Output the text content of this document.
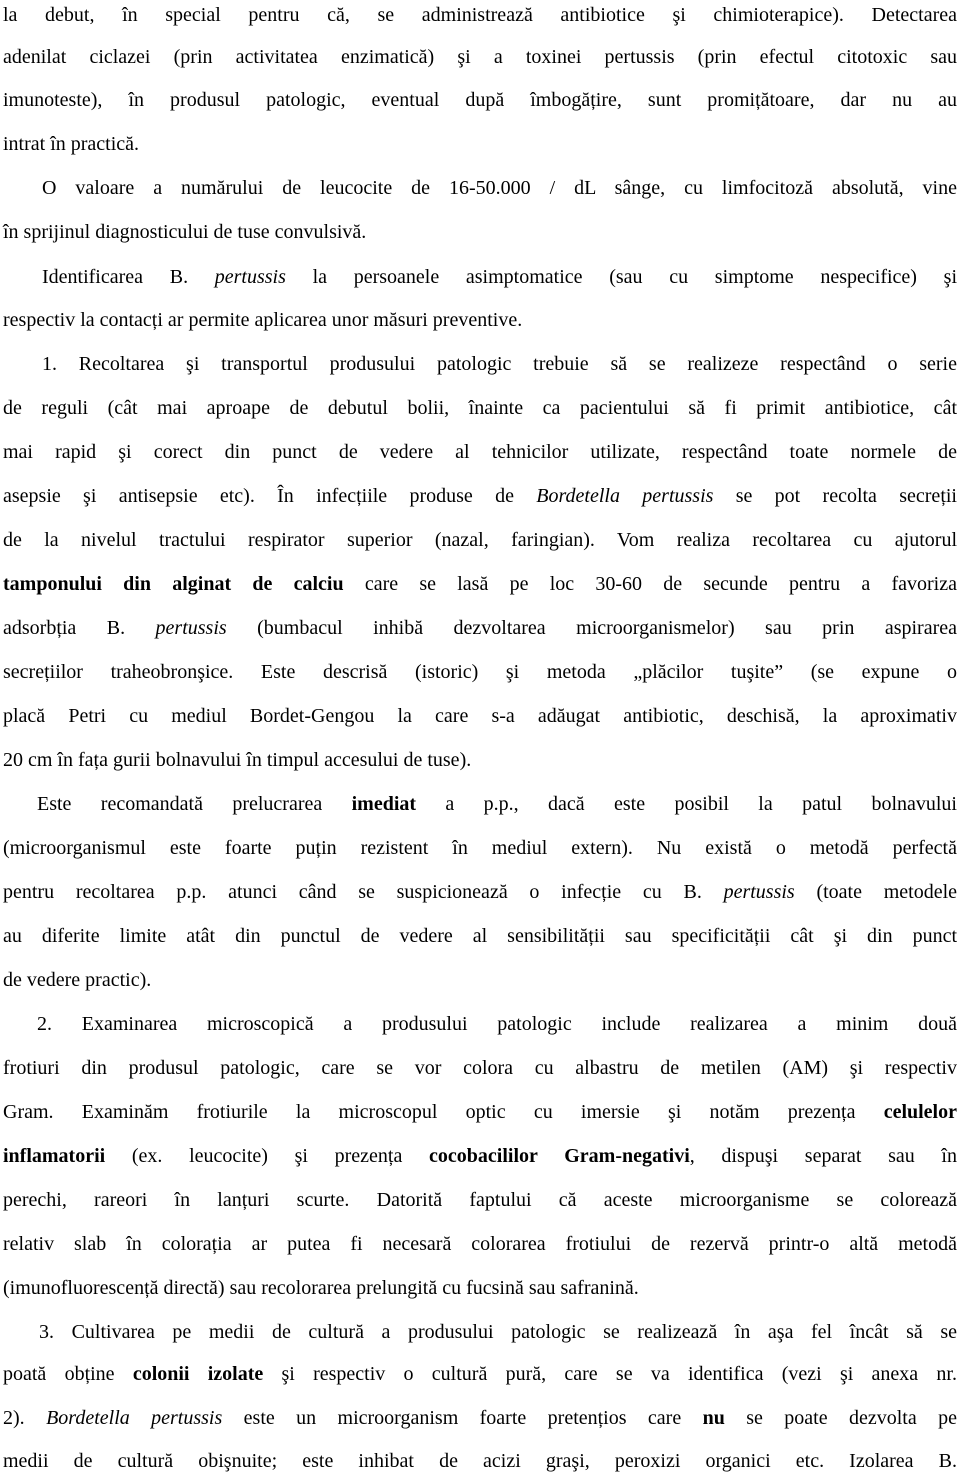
la debut, în special pentru că, se administrează antibiotice şi chimioterapice). Detectarea
adenilat ciclazei (prin activitatea enzimatică) şi a toxinei pertussis (prin efectul citotoxic sau
imunoteste), în produsul patologic, eventual după îmbogățire, sunt promițătoare, dar nu au
intrat în practică.
O valoare a numărului de leucocite de 16-50.000 / dL sânge, cu limfocitoză absolută, vine
în sprijinul diagnosticului de tuse convulsivă.
Identificarea B. pertussis la persoanele asimptomatice (sau cu simptome nespecifice) şi
respectiv la contacți ar permite aplicarea unor măsuri preventive.
1. Recoltarea şi transportul produsului patologic trebuie să se realizeze respectând o serie
de reguli (cât mai aproape de debutul bolii, înainte ca pacientului să fi primit antibiotice, cât
mai rapid şi corect din punct de vedere al tehnicilor utilizate, respectând toate normele de
asepsie şi antisepsie etc). În infecțiile produse de Bordetella pertussis se pot recolta secreții
de la nivelul tractului respirator superior (nazal, faringian). Vom realiza recoltarea cu ajutorul
tamponului din alginat de calciu care se lasă pe loc 30-60 de secunde pentru a favoriza
adsorbția B. pertussis (bumbacul inhibă dezvoltarea microorganismelor) sau prin aspirarea
secrețiilor traheobronşice. Este descrisă (istoric) şi metoda „plăcilor tuşite” (se expune o
placă Petri cu mediul Bordet-Gengou la care s-a adăugat antibiotic, deschisă, la aproximativ
20 cm în fața gurii bolnavului în timpul accesului de tuse).
Este recomandată prelucrarea imediat a p.p., dacă este posibil la patul bolnavului
(microorganismul este foarte puțin rezistent în mediul extern). Nu există o metodă perfectă
pentru recoltarea p.p. atunci când se suspicionează o infecție cu B. pertussis (toate metodele
au diferite limite atât din punctul de vedere al sensibilității sau specificității cât şi din punct
de vedere practic).
2. Examinarea microscopică a produsului patologic include realizarea a minim două
frotiuri din produsul patologic, care se vor colora cu albastru de metilen (AM) şi respectiv
Gram. Examinăm frotiurile la microscopul optic cu imersie şi notăm prezența celulelor
inflamatorii (ex. leucocite) şi prezența cocobacililor Gram-negativi, dispuşi separat sau în
perechi, rareori în lanțuri scurte. Datorită faptului că aceste microorganisme se colorează
relativ slab în colorația ar putea fi necesară colorarea frotiului de rezervă printr-o altă metodă
(imunofluorescență directă) sau recolorarea prelungită cu fucsină sau safranină.
3. Cultivarea pe medii de cultură a produsului patologic se realizează în aşa fel încât să se
poată obține colonii izolate şi respectiv o cultură pură, care se va identifica (vezi şi anexa nr.
2). Bordetella pertussis este un microorganism foarte pretențios care nu se poate dezvolta pe
medii de cultură obişnuite; este inhibat de acizi graşi, peroxizi organici etc. Izolarea B.
